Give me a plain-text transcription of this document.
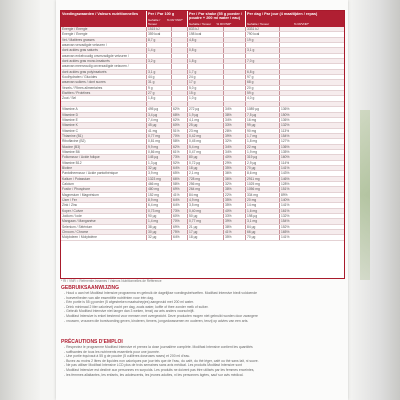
Voedingswaarden / Valeurs nutritionnelles	Per / Par 100 g
Gehalte / Teneur
% RI/ VNR*
Per / Par shake (55 g poeder / poudre + 200 ml water / eau)
Gehalte / Teneur	% RI/VNR*
Per dag / Par jour (4 maaltijden / repas)
Gehalte / Teneur	% RI/VNR*
Energie / Énergie	1515 kJ	833 kJ	3331 kJ
Energie / Énergie	359 kcal	198 kcal	790 kcal
Vet / Matières grasses	8,7 g	4,8 g	19 g
waarvan verzadigde vetzuren /
dont acides gras saturés	1,4 g	0,8 g	3,1 g
waarvan enkelvoudig onverzadigde vetzuren /
dont acides gras mono-insaturés	3,2 g	1,8 g	7,0 g
waarvan meervoudig onverzadigde vetzuren /
dont acides gras polyinsaturés	3,1 g	1,7 g	6,8 g
Koolhydraten / Glucides	44 g	24 g	97 g
waarvan suikers / dont sucres	31 g	17 g	68 g
Vezels / Fibres alimentaires	9 g	5,0 g	20 g
Eiwitten / Protéines	27 g	15 g	59 g
Zout / Sel	1,8 g	1,0 g	4,0 g
Vitamine A	495 µg	62%	272 µg	34%	1089 µg	136%
Vitamine D	3,4 µg	68%	1,9 µg	38%	7,5 µg	150%
Vitamine E	7,4 mg	62%	4,1 mg	34%	16 mg	136%
Vitamine K	45 µg	60%	25 µg	33%	99 µg	132%
Vitamine C	41 mg	51%	23 mg	28%	90 mg	113%
Thiamine (B1)	0,77 mg	70%	0,42 mg	39%	1,7 mg	154%
Riboflavine (B2)	0,81 mg	58%	0,45 mg	32%	1,8 mg	127%
Niacine (B3)	9,9 mg	62%	5,4 mg	34%	22 mg	136%
Vitamine B6	0,86 mg	61%	0,47 mg	34%	1,9 mg	135%
Foliumzuur / Acide folique	145 µg	73%	80 µg	40%	319 µg	160%
Vitamine B12	1,3 µg	52%	0,72 µg	29%	2,9 µg	114%
Biotine	32 µg	64%	18 µg	35%	70 µg	141%
Pantotheenzuur / Acide pantothénique	3,9 mg	65%	2,1 mg	36%	8,6 mg	143%
Kalium / Potassium	1323 mg	66%	728 mg	36%	2911 mg	146%
Calcium	466 mg	58%	256 mg	32%	1025 mg	128%
Fosfor / Phosphore	480 mg	69%	264 mg	38%	1056 mg	151%
Magnesium / Magnésium	152 mg	41%	84 mg	22%	334 mg	89%
IJzer / Fer	8,9 mg	64%	4,9 mg	35%	20 mg	140%
Zink / Zinc	6,4 mg	64%	3,5 mg	35%	14 mg	141%
Koper / Cuivre	0,73 mg	73%	0,40 mg	40%	1,6 mg	161%
Jodium / Iode	90 µg	60%	50 µg	33%	198 µg	132%
Mangaan / Manganèse	1,4 mg	70%	0,77 mg	39%	3,1 mg	154%
Selenium / Sélénium	38 µg	69%	21 µg	38%	84 µg	152%
Chroom / Chrome	30 µg	75%	17 µg	41%	66 µg	165%
Molybdeen / Molybdène	32 µg	64%	18 µg	35%	70 µg	141%
* RI / VNR = Referentie-innames / Valeurs Nutritionnelles de Référence
GEBRUIKSAANWIJZING
- Houd u aan het Modifast Intensive programma en gebruik de dagelijkse voedingsbehoeften. Modifast Intensive biedt voldoende
- hoeveelheden van alle essentiële nutriënten voor één dag.
- Eén portie is 55 g poeder (5 afgestreken maatschepjes) aangevuld met 200 ml water.
- Drink minimaal 2 liter calorievrij vocht per dag, zoals water, koffie of thee zonder melk of suiker.
- Gebruik Modifast Intensive niet langer dan 3 weken, tenzij uw arts anders voorschrijft.
- Modifast Intensive is enkel bestemd voor mensen met overgewicht. Deze producten mogen niet gebruikt worden door zwangere
- vrouwen, vrouwen die borstvoeding geven, kinderen, tieners, jongvolwassenen en ouderen, tenzij op advies van een arts.
PRÉCAUTIONS D'EMPLOI
- Respectez le programme Modifast Intensive et prenez la dose journalière complète. Modifast Intensive contient les quantités
- suffisantes de tous les nutriments essentiels pour une journée.
- Une portie équivaut à 55 g de poudre (5 cuillères doseuses rases) et 200 ml d'eau.
- Buvez au moins 2 litres de liquides non caloriques par jour tels que de l'eau, du café, du thé léger, café ou thé sans lait, ni sucre.
- Ne pas utiliser Modifast Intensive LCD plus de trois semaines sans avis médical. Les produits Modifast Intensive sont
- Modifast Intensive est destiné aux personnes en surpoids. Les produits ne doivent pas être utilisés par les femmes enceintes,
- les femmes allaitantes, les enfants, les adolescents, les jeunes adultes, ni les personnes âgées, sauf sur avis médical.
